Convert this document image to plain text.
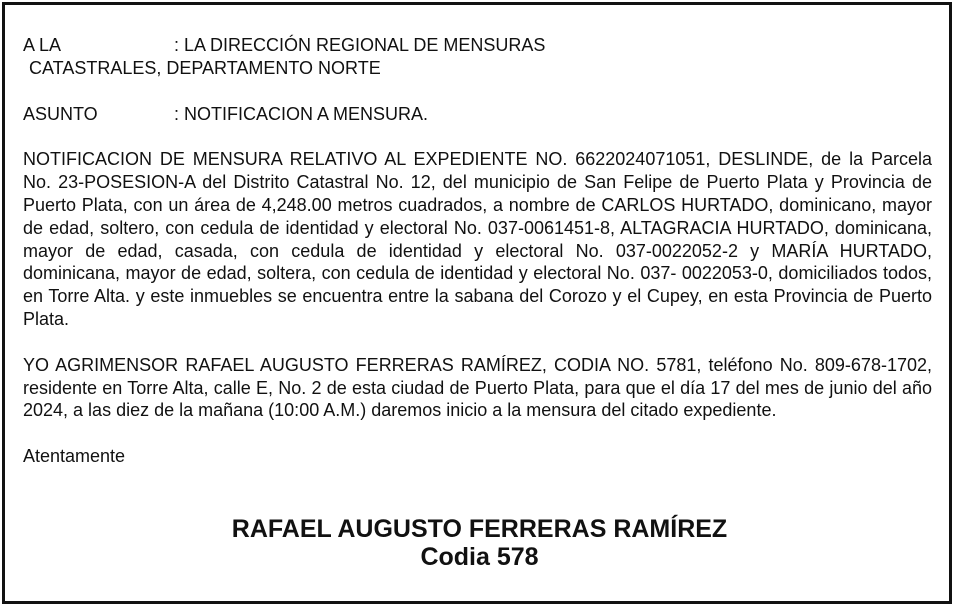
A LA	: LA DIRECCIÓN REGIONAL DE MENSURAS
CATASTRALES, DEPARTAMENTO NORTE
ASUNTO	: NOTIFICACION A MENSURA.

NOTIFICACION DE MENSURA RELATIVO AL EXPEDIENTE NO. 6622024071051, DESLINDE, de la Parcela No. 23-POSESION-A del Distrito Catastral No. 12, del municipio de San Felipe de Puerto Plata y Provincia de Puerto Plata, con un área de 4,248.00 metros cuadrados, a nombre de CARLOS HURTADO, dominicano, mayor de edad, soltero, con cedula de identidad y electoral No. 037-0061451-8, ALTAGRACIA HURTADO, dominicana, mayor de edad, casada, con cedula de identidad y electoral No. 037-0022052-2 y MARÍA HURTADO, dominicana, mayor de edad, soltera, con cedula de identidad y electoral No. 037- 0022053-0, domiciliados todos, en Torre Alta. y este inmuebles se encuentra entre la sabana del Corozo y el Cupey, en esta Provincia de Puerto Plata.

YO AGRIMENSOR RAFAEL AUGUSTO FERRERAS RAMÍREZ, CODIA NO. 5781, teléfono No. 809-678-1702, residente en Torre Alta, calle E, No. 2 de esta ciudad de Puerto Plata, para que el día 17 del mes de junio del año 2024, a las diez de la mañana (10:00 A.M.) daremos inicio a la mensura del citado expediente.

Atentamente
RAFAEL AUGUSTO FERRERAS RAMÍREZ
Codia 578
